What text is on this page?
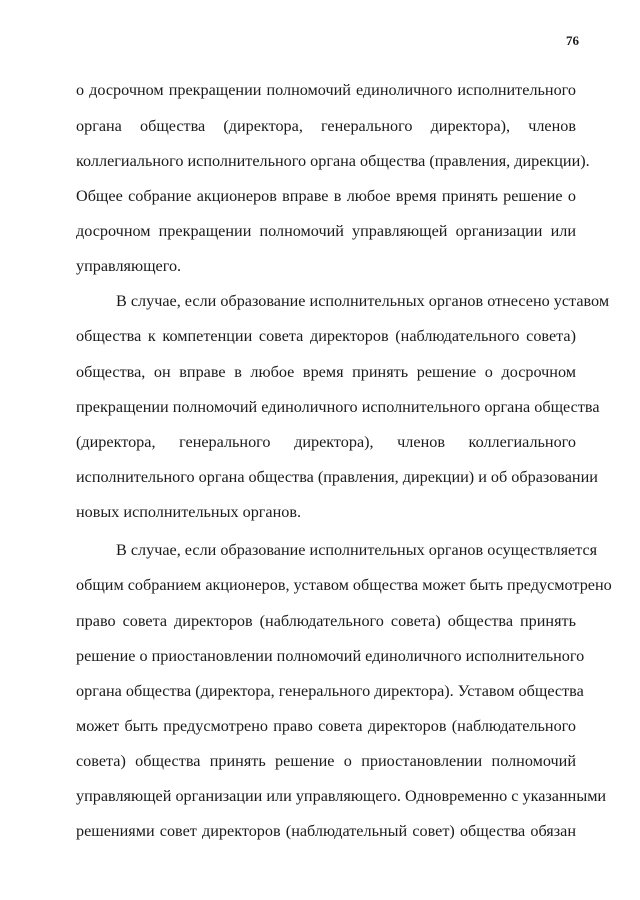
76
о досрочном прекращении полномочий единоличного исполнительного
органа общества (директора, генерального директора), членов
коллегиального исполнительного органа общества (правления, дирекции).
Общее собрание акционеров вправе в любое время принять решение о
досрочном прекращении полномочий управляющей организации или
управляющего.
В случае, если образование исполнительных органов отнесено уставом
общества к компетенции совета директоров (наблюдательного совета)
общества, он вправе в любое время принять решение о досрочном
прекращении полномочий единоличного исполнительного органа общества
(директора, генерального директора), членов коллегиального
исполнительного органа общества (правления, дирекции) и об образовании
новых исполнительных органов.
В случае, если образование исполнительных органов осуществляется
общим собранием акционеров, уставом общества может быть предусмотрено
право совета директоров (наблюдательного совета) общества принять
решение о приостановлении полномочий единоличного исполнительного
органа общества (директора, генерального директора). Уставом общества
может быть предусмотрено право совета директоров (наблюдательного
совета) общества принять решение о приостановлении полномочий
управляющей организации или управляющего. Одновременно с указанными
решениями совет директоров (наблюдательный совет) общества обязан
